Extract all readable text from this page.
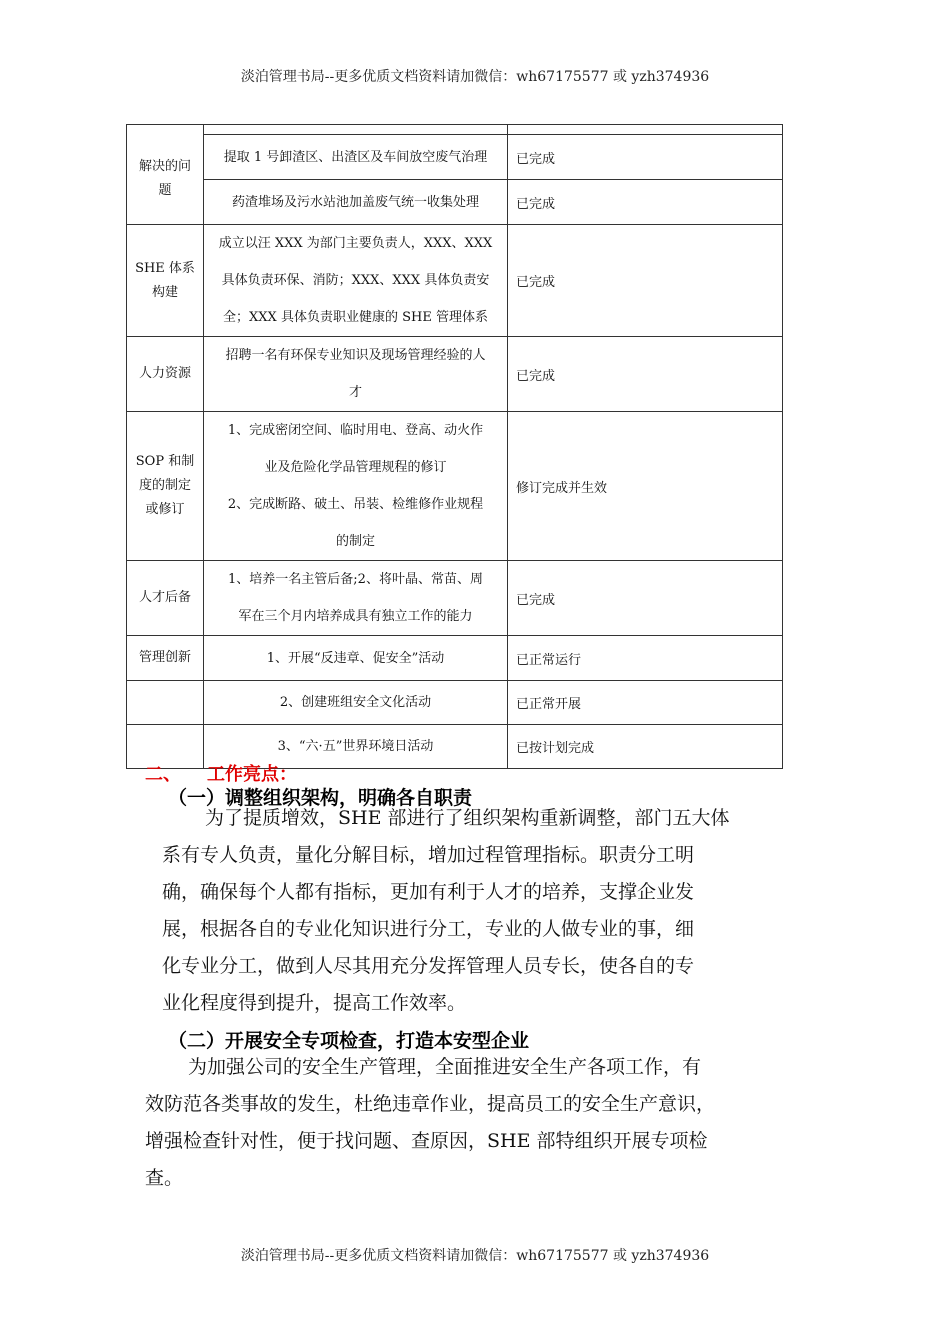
淡泊管理书局--更多优质文档资料请加微信：wh67175577 或 yzh374936

解决的问
题	提取 1 号卸渣区、出渣区及车间放空废气治理	已完成
	药渣堆场及污水站池加盖废气统一收集处理	已完成

SHE 体系
构建	成立以汪 XXX 为部门主要负责人，XXX、XXX
具体负责环保、消防；XXX、XXX 具体负责安
全；XXX 具体负责职业健康的 SHE 管理体系	已完成

人力资源	招聘一名有环保专业知识及现场管理经验的人
才	已完成

SOP 和制
度的制定
或修订	1、完成密闭空间、临时用电、登高、动火作
业及危险化学品管理规程的修订
2、完成断路、破土、吊装、检维修作业规程
的制定	修订完成并生效

人才后备	1、培养一名主管后备;2、将叶晶、常苗、周
军在三个月内培养成具有独立工作的能力	已完成

管理创新	1、开展“反违章、促安全”活动	已正常运行
	2、创建班组安全文化活动	已正常开展
	3、“六·五”世界环境日活动	已按计划完成
二、 工作亮点：
（一）调整组织架构，明确各自职责
为了提质增效，SHE 部进行了组织架构重新调整，部门五大体
系有专人负责，量化分解目标，增加过程管理指标。职责分工明
确，确保每个人都有指标，更加有利于人才的培养，支撑企业发
展，根据各自的专业化知识进行分工，专业的人做专业的事，细
化专业分工，做到人尽其用充分发挥管理人员专长，使各自的专
业化程度得到提升，提高工作效率。
（二）开展安全专项检查，打造本安型企业
为加强公司的安全生产管理，全面推进安全生产各项工作，有
效防范各类事故的发生，杜绝违章作业，提高员工的安全生产意识，
增强检查针对性，便于找问题、查原因，SHE 部特组织开展专项检
查。
淡泊管理书局--更多优质文档资料请加微信：wh67175577 或 yzh374936
